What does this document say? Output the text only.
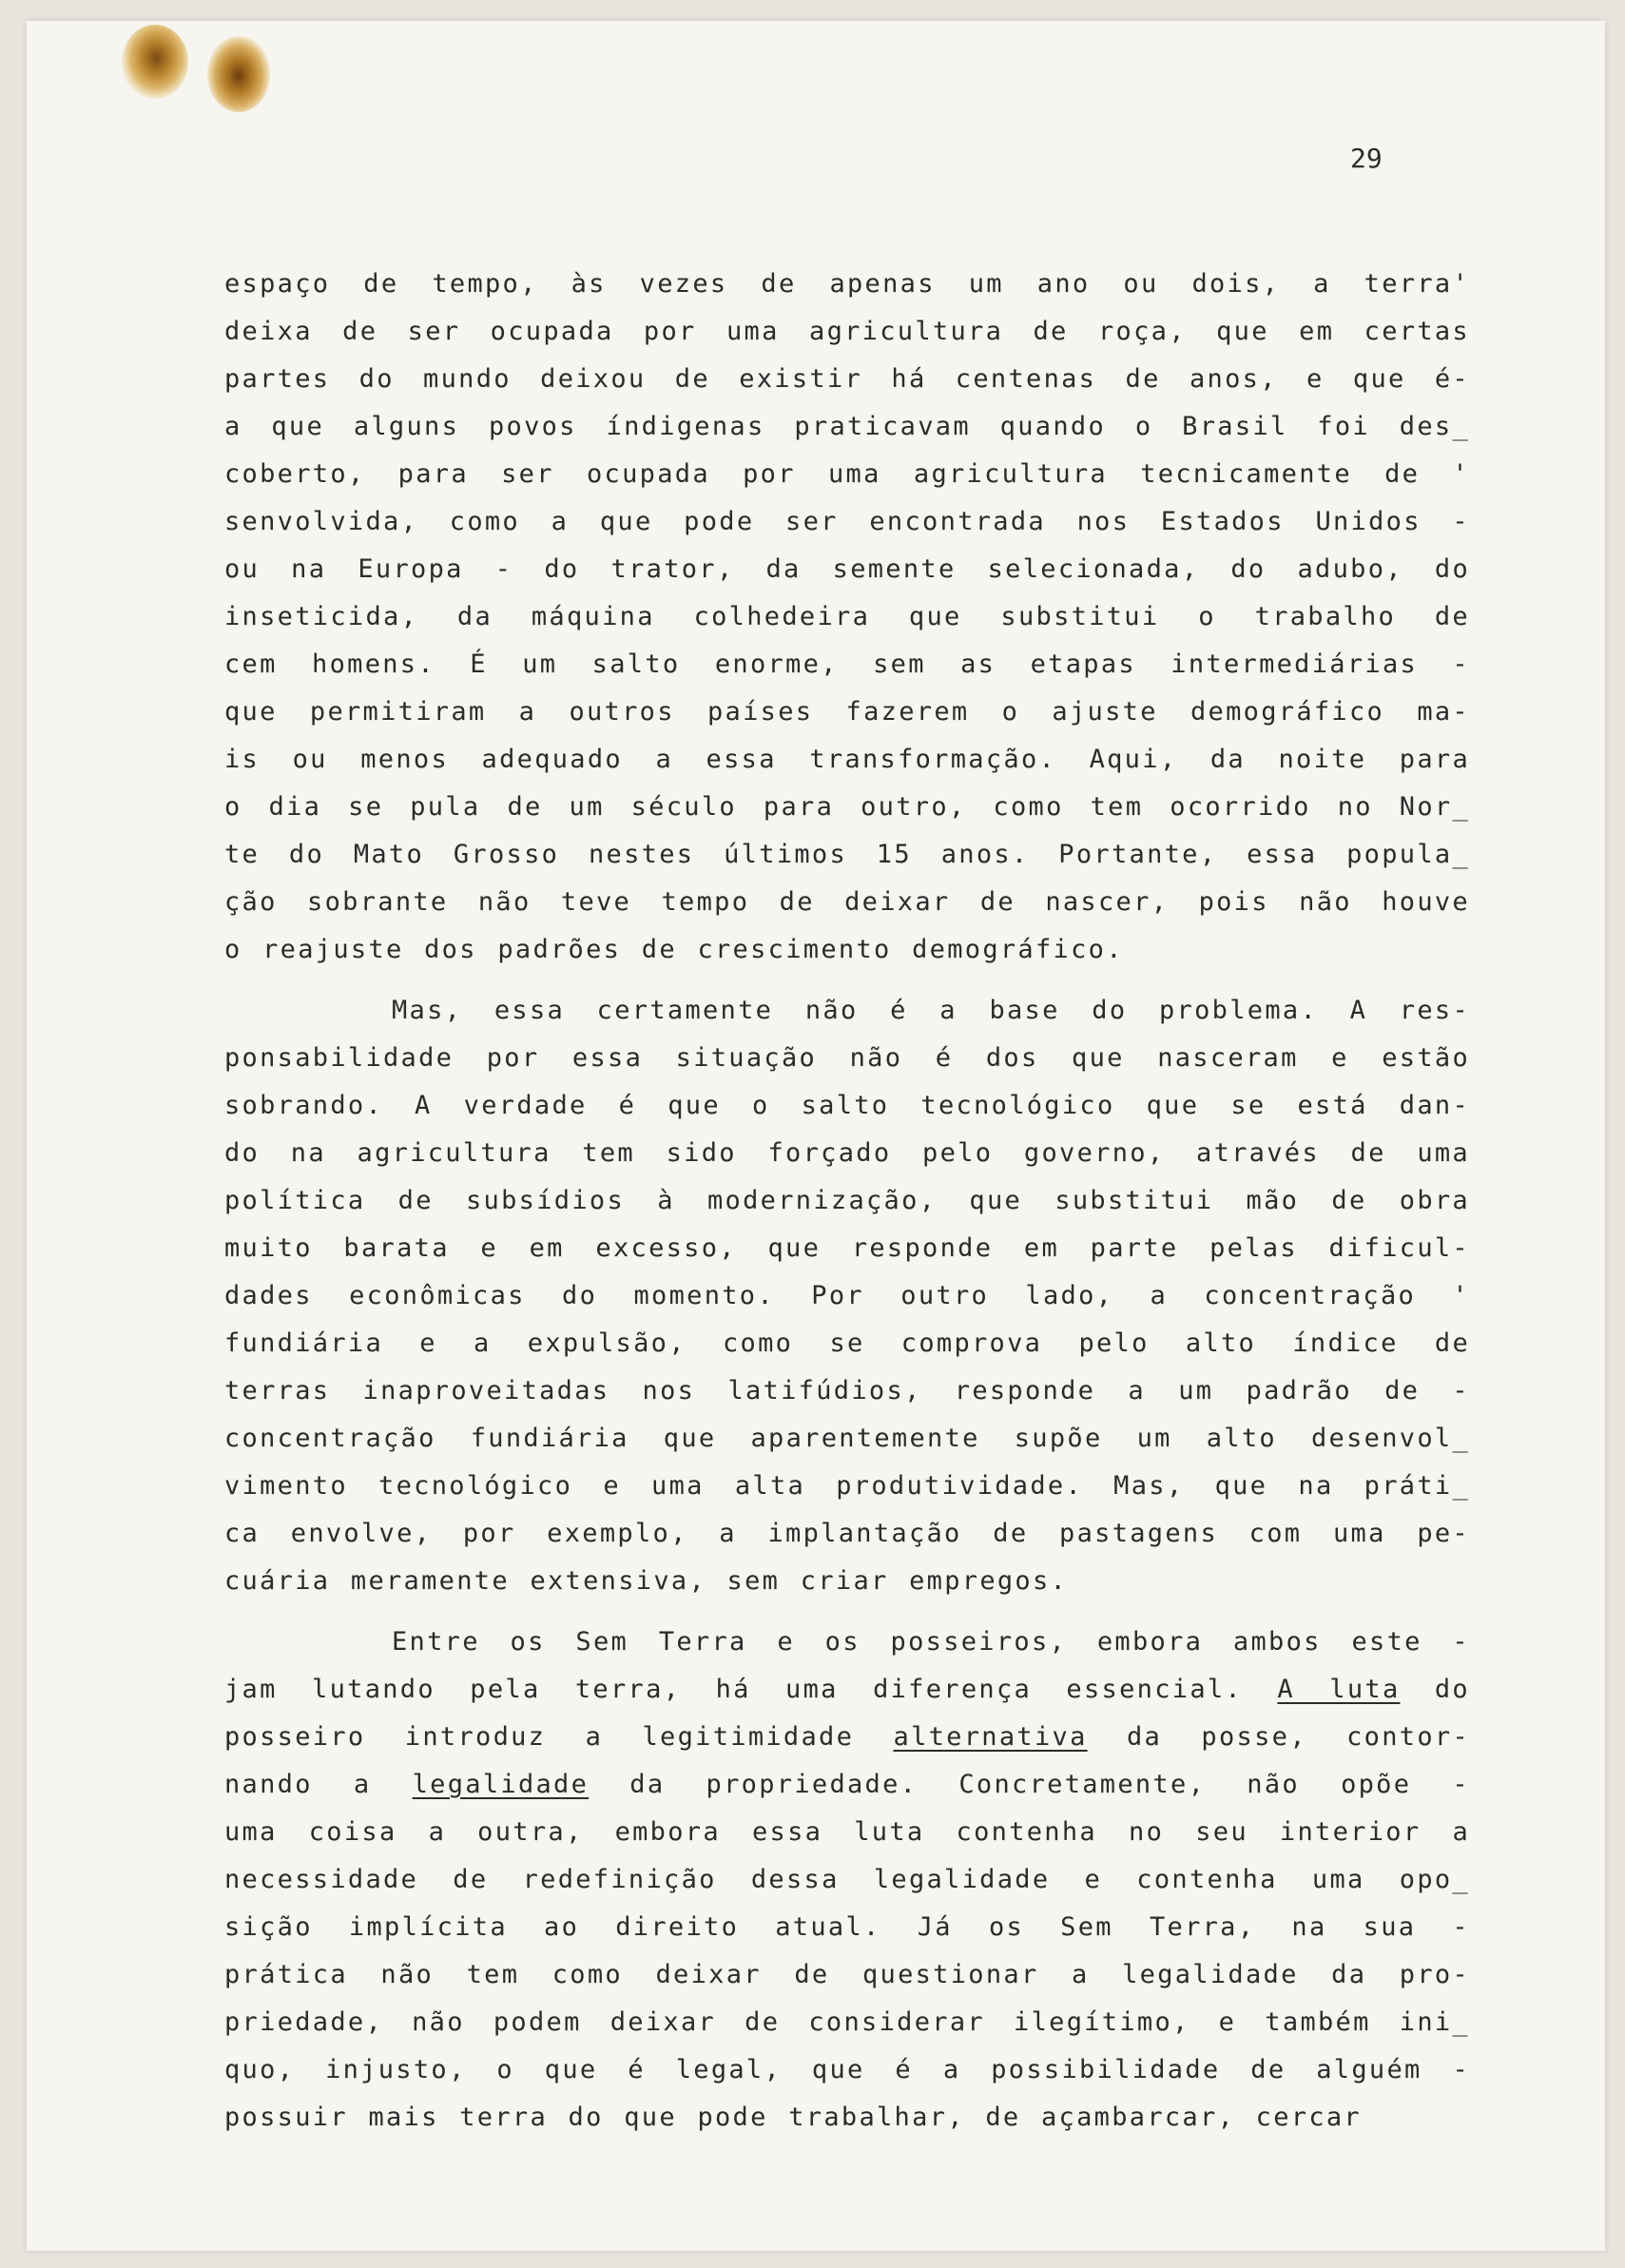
29
espaço de tempo, às vezes de apenas um ano ou dois, a terra'
deixa de ser ocupada por uma agricultura de roça, que em certas
partes do mundo deixou de existir há centenas de anos, e que é-
a que alguns povos índigenas praticavam quando o Brasil foi des_
coberto, para ser ocupada por uma agricultura tecnicamente de '
senvolvida, como a que pode ser encontrada nos Estados Unidos -
ou na Europa - do trator, da semente selecionada, do adubo, do
inseticida, da máquina colhedeira que substitui o trabalho de
cem homens. É um salto enorme, sem as etapas intermediárias -
que permitiram a outros países fazerem o ajuste demográfico ma-
is ou menos adequado a essa transformação. Aqui, da noite para
o dia se pula de um século para outro, como tem ocorrido no Nor_
te do Mato Grosso nestes últimos 15 anos. Portante, essa popula_
ção sobrante não teve tempo de deixar de nascer, pois não houve
o reajuste dos padrões de crescimento demográfico.
Mas, essa certamente não é a base do problema. A res-
ponsabilidade por essa situação não é dos que nasceram e estão
sobrando. A verdade é que o salto tecnológico que se está dan-
do na agricultura tem sido forçado pelo governo, através de uma
política de subsídios à modernização, que substitui mão de obra
muito barata e em excesso, que responde em parte pelas dificul-
dades econômicas do momento. Por outro lado, a concentração '
fundiária e a expulsão, como se comprova pelo alto índice de
terras inaproveitadas nos latifúdios, responde a um padrão de -
concentração fundiária que aparentemente supõe um alto desenvol_
vimento tecnológico e uma alta produtividade. Mas, que na práti_
ca envolve, por exemplo, a implantação de pastagens com uma pe-
cuária meramente extensiva, sem criar empregos.
Entre os Sem Terra e os posseiros, embora ambos este -
jam lutando pela terra, há uma diferença essencial. A luta do
posseiro introduz a legitimidade alternativa da posse, contor-
nando a legalidade da propriedade. Concretamente, não opõe -
uma coisa a outra, embora essa luta contenha no seu interior a
necessidade de redefinição dessa legalidade e contenha uma opo_
sição implícita ao direito atual. Já os Sem Terra, na sua -
prática não tem como deixar de questionar a legalidade da pro-
priedade, não podem deixar de considerar ilegítimo, e também ini_
quo, injusto, o que é legal, que é a possibilidade de alguém -
possuir mais terra do que pode trabalhar, de açambarcar, cercar
